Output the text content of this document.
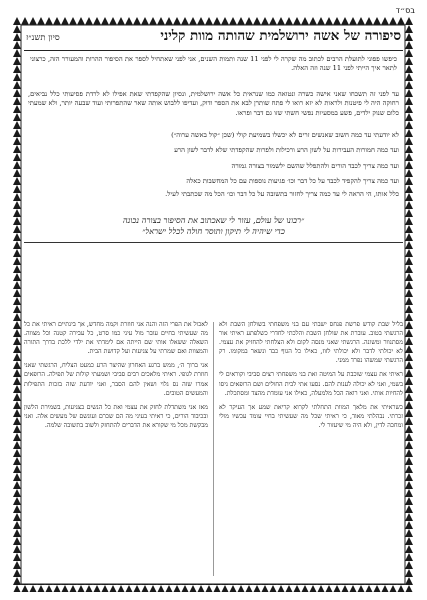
בס״ד
סיפורה של אשה ירושלמית שהותה מוות קליני
סיון תשנ״ז
כיפשו פפוני לתועלת הרבים לכתוב מה שקרה לי לפני 11 שנה ותמות השנים, אני לפני שאתחיל לספר את הסיפור ההרות והמעורר הזה, כרצוני לתאר איך הייתי לפני 11 שנה וזה האלה.
עד לפני זה תשכחו שאני אישה כשרה ונטואה כמו שנראית כל אשה ירושלמית, ונסיון שהקפדתי שאת אפילו לא לרדת פסיעותי כלל נביאים, רחוקה היה לי פיטנות ולראות לא יזא רואו לי פתח שותרן לבא את הספר ודוק, ועדיפו ללבוש אותה שאר שהתפרותי ועוד שבעה יותר, ולא שמעתי כלום שנוק ילדים, פשע במסעיות נפשי חשתי שזו גם דבר ופראו.

לא יודעתי עד כמה חשוב שאנשים זרים לא יכשלו בשמיעת קולי (שכן ״קול באשה ערוה״)

ועד כמה חמורות העבירות על לשון הרע ורכילות ולפרות שהקפדתי שלא לדבר לשון הרע

ועד כמה צריך לכבד הורים ולהתפלל שהשם ילשמור בצורה גמורה

ועד כמה צריך להקפיד לכבד על כל דבר וכו׳ פגיעות נוספות עם כל המחשבות כאלה

כלל אותו, הי הראה לי עד כמה צריך לחזור בתשובה על כל דבר וכו׳ הכל מה שכתבתי לעיל.
״רבונו של עולם, עזור לי שאכתוב את הסיפור בצורה נכונה
כדי שיהיה לי תיקון ותוסר חולה לכלל ישראל״

בליל שבת קודש פרשת פנחס ישבתי עם בני משפחתי בשולחן השבת ולא הרגשתי בטוב. עוברת את שולחן השבת והלכתי לחדרי כשלפתע ראיתי אור מסתנוור ומשונה. הרגשתי שאני מנסה לקום ולא הצלחתי להחזיק את עצמי. לא יכולתי לדבר ולא יכולתי לזוז, כאילו כל הגוף כבד ונשאר במקומו. רק הרגשתי שמשהו נפרד ממני.

ראיתי את עצמי שוכבת על המיטה ואת בני משפחתי רצים סביבי וקוראים לי בשמי, ואני לא יכולה לענות להם. נסעו אתי לבית החולים ושם הרופאים ניסו להחיות אותי. ואני רואה הכל מלמעלה, כאילו אני עומדת מהצד ומסתכלת.

כשראיתי את מלאך המוות התחלתי לקרוא קריאת שמע אך העיקר לא זכרתי. נבהלתי מאוד, כי ראיתי שכל מה שעשיתי בחיי עומד עכשיו מולי ומחכה לדין, ולא היה מי שיעזור לי.

לאכול את הפרי הזה והנה אני חוזרת וקמה מחדש, אך בינתיים ראיתי את כל מה שעשיתי בחיים עובר מול עיני כמו סרט, כל עבירה קטנה וכל מצווה. השאלה ששאלו אותי שם הייתה אם לימדתי את ילדי ללכת בדרך התורה והמצוות ואם שמרתי על צניעות ועל קדושת הבית.

אני ברוך ה׳, ממש ברגע האחרון שהיצר הרע כמעט הצליח, הרגשתי שאני חוזרת לגופי. ראיתי מלאכים רבים סביבי ושמעתי קולות של תפילה. הרופאים אמרו שזה נס גלוי ושאין להם הסבר, ואני יודעת שזה בזכות התפילות והמעשים הטובים.

מאז אני משתדלת לחזק את עצמי ואת כל הנשים בצניעות, בשמירת הלשון ובכיבוד הורים, כי ראיתי בעיני מה הם שכרם ועונשם של מעשים אלה. ואני מבקשת מכל מי שקורא את הדברים להתחזק ולשוב בתשובה שלמה.
